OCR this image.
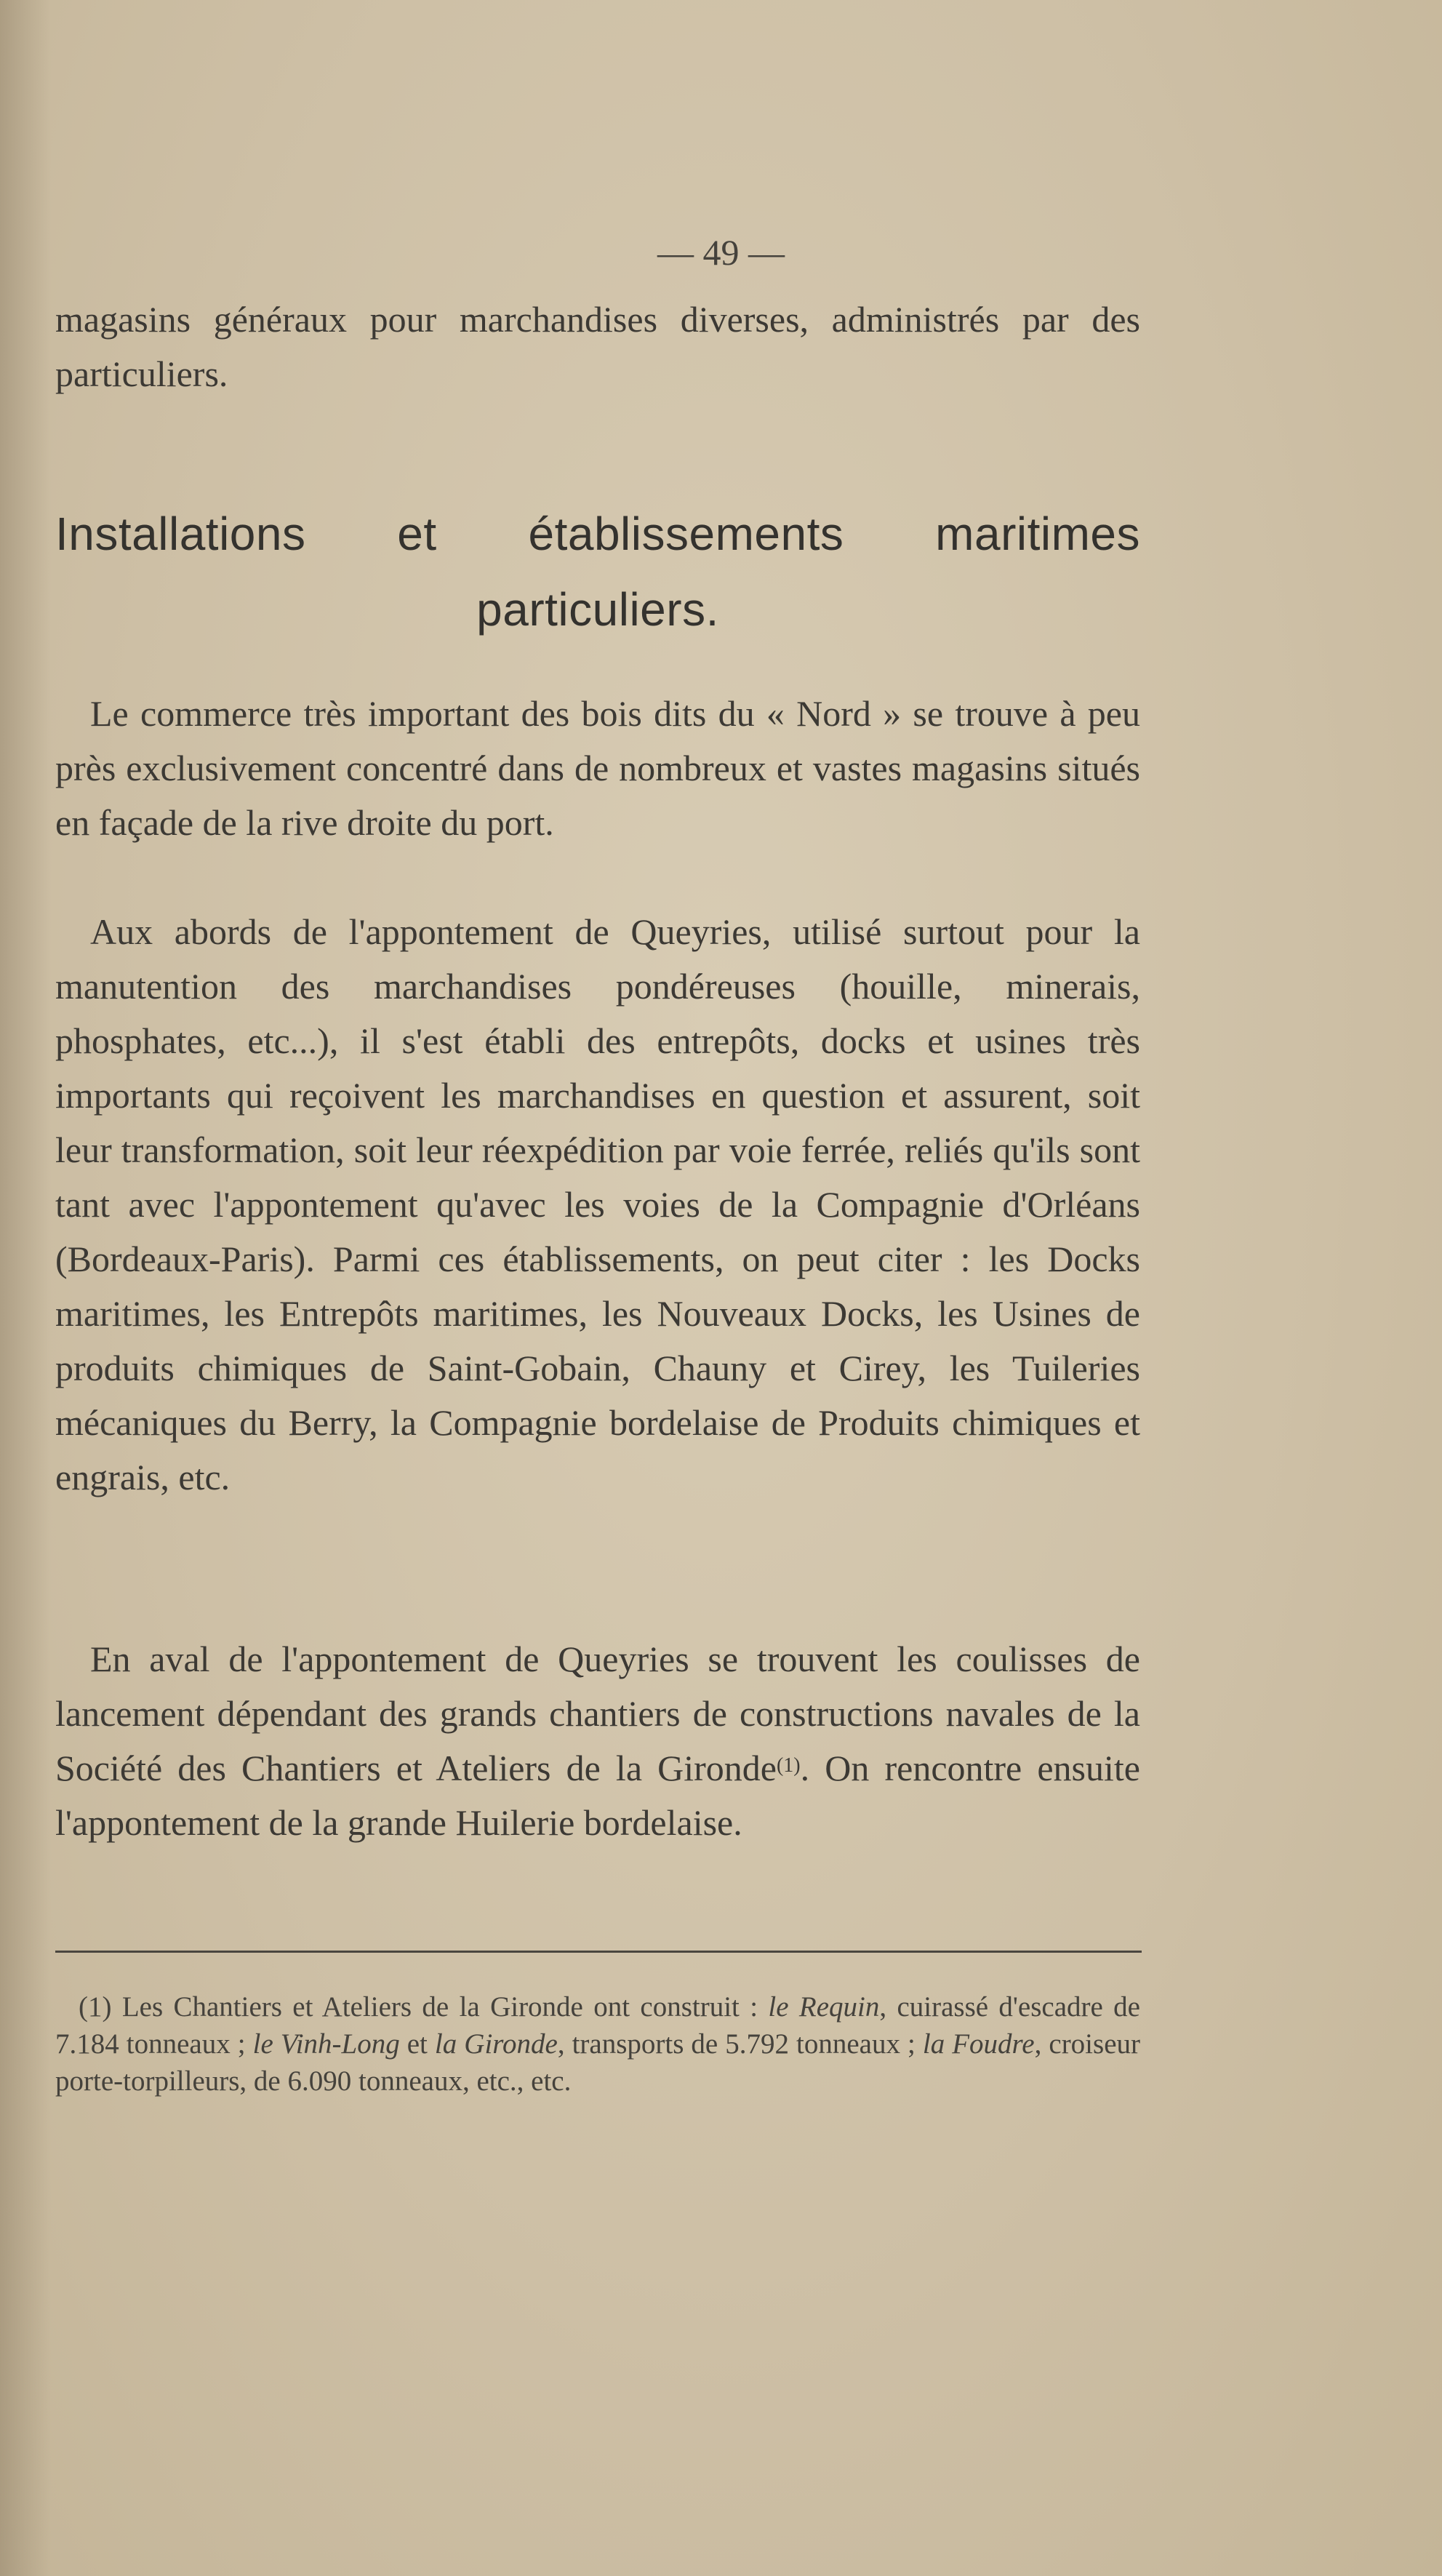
— 49 —

magasins généraux pour marchandises diverses, administrés par des particuliers.

Installations et établissements maritimes
particuliers.

Le commerce très important des bois dits du « Nord » se trouve à peu près exclusivement concentré dans de nombreux et vastes magasins situés en façade de la rive droite du port.

Aux abords de l'appontement de Queyries, utilisé surtout pour la manutention des marchandises pondéreuses (houille, minerais, phosphates, etc...), il s'est établi des entrepôts, docks et usines très importants qui reçoivent les marchandises en question et assurent, soit leur transformation, soit leur réexpédition par voie ferrée, reliés qu'ils sont tant avec l'appontement qu'avec les voies de la Compagnie d'Orléans (Bordeaux-Paris). Parmi ces établissements, on peut citer : les Docks maritimes, les Entrepôts maritimes, les Nouveaux Docks, les Usines de produits chimiques de Saint-Gobain, Chauny et Cirey, les Tuileries mécaniques du Berry, la Compagnie bordelaise de Produits chimiques et engrais, etc.

En aval de l'appontement de Queyries se trouvent les coulisses de lancement dépendant des grands chantiers de constructions navales de la Société des Chantiers et Ateliers de la Gironde$^{(1)}$. On rencontre ensuite l'appontement de la grande Huilerie bordelaise.

(1) Les Chantiers et Ateliers de la Gironde ont construit : le Requin, cuirassé d'escadre de 7.184 tonneaux ; le Vinh-Long et la Gironde, transports de 5.792 tonneaux ; la Foudre, croiseur porte-torpilleurs, de 6.090 tonneaux, etc., etc.
